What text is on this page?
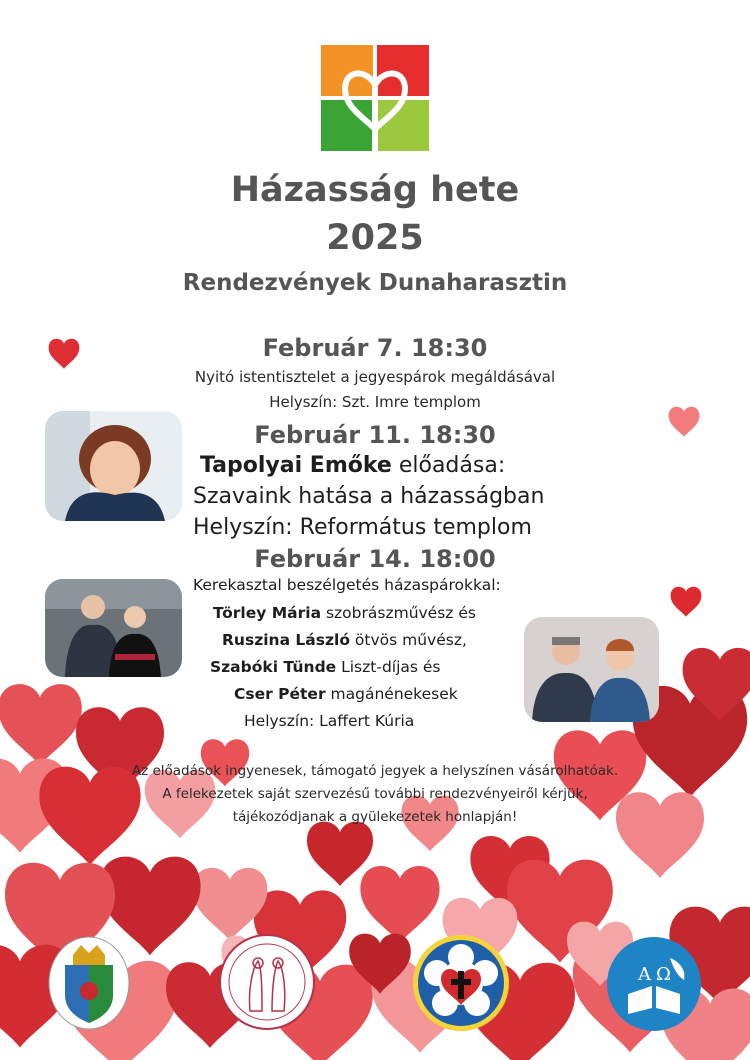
Házasság hete
2025
Rendezvények Dunaharasztin
Február 7. 18:30
Nyitó istentisztelet a jegyespárok megáldásával
Helyszín: Szt. Imre templom
Február 11. 18:30
Tapolyai Emőke előadása:
Szavaink hatása a házasságban
Helyszín: Református templom
Február 14. 18:00
Kerekasztal beszélgetés házaspárokkal:
Törley Mária szobrászművész és
Ruszina László ötvös művész,
Szabóki Tünde Liszt-díjas és
Cser Péter magánénekesek
Helyszín: Laffert Kúria
Az előadások ingyenesek, támogató jegyek a helyszínen vásárolhatóak.
A felekezetek saját szervezésű további rendezvényeiről kérjük,
tájékozódjanak a gyülekezetek honlapján!
Α Ω
